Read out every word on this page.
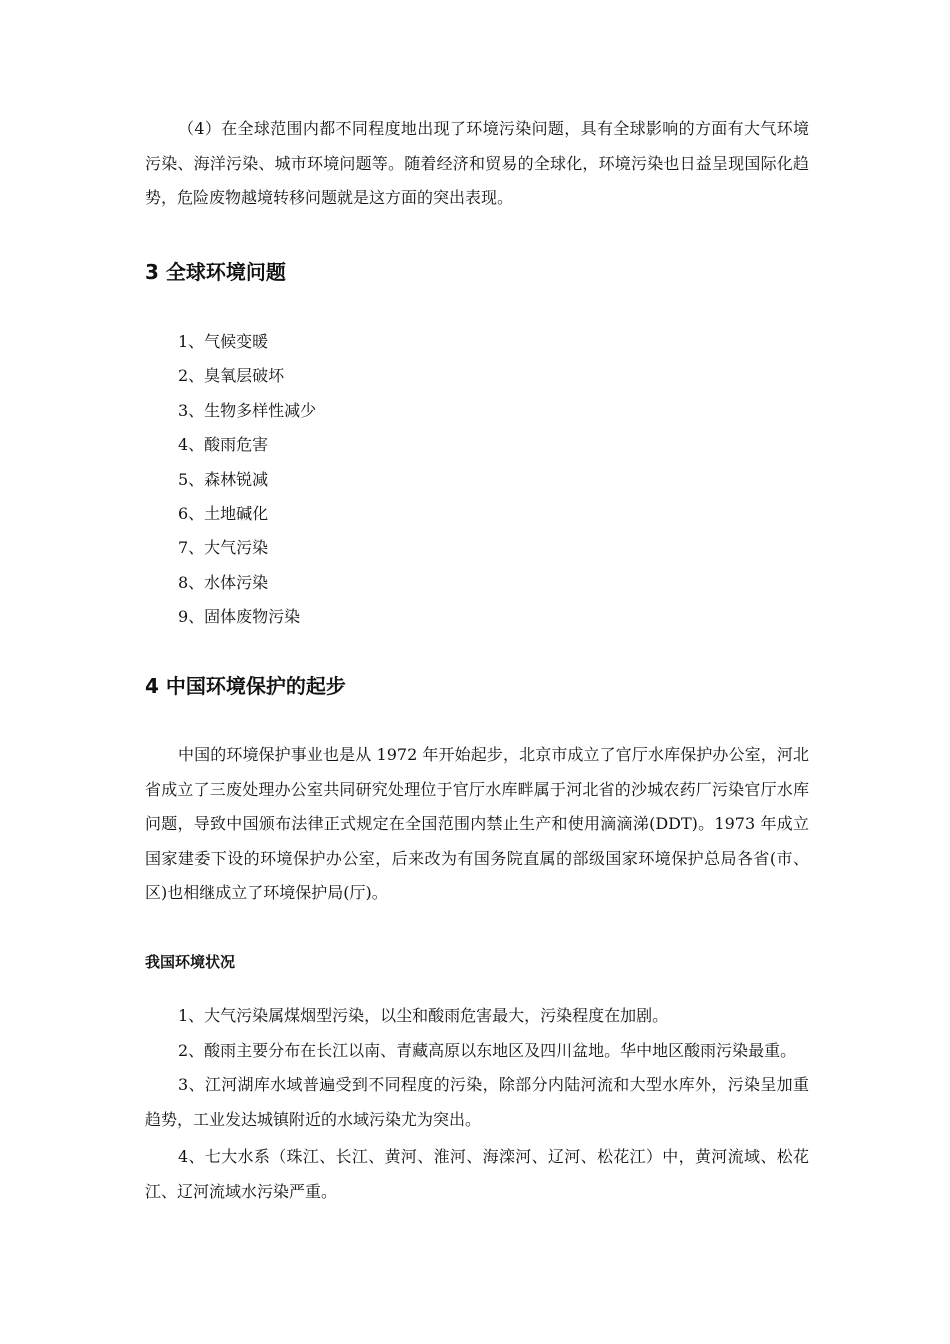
（4）在全球范围内都不同程度地出现了环境污染问题，具有全球影响的方面有大气环境污染、海洋污染、城市环境问题等。随着经济和贸易的全球化，环境污染也日益呈现国际化趋势，危险废物越境转移问题就是这方面的突出表现。

3 全球环境问题
1、气候变暖
2、臭氧层破坏
3、生物多样性减少
4、酸雨危害
5、森林锐减
6、土地碱化
7、大气污染
8、水体污染
9、固体废物污染
4 中国环境保护的起步

中国的环境保护事业也是从 1972 年开始起步，北京市成立了官厅水库保护办公室，河北省成立了三废处理办公室共同研究处理位于官厅水库畔属于河北省的沙城农药厂污染官厅水库问题，导致中国颁布法律正式规定在全国范围内禁止生产和使用滴滴涕(DDT)。1973 年成立国家建委下设的环境保护办公室，后来改为有国务院直属的部级国家环境保护总局各省(市、区)也相继成立了环境保护局(厅)。

我国环境状况

1、大气污染属煤烟型污染，以尘和酸雨危害最大，污染程度在加剧。

2、酸雨主要分布在长江以南、青藏高原以东地区及四川盆地。华中地区酸雨污染最重。

3、江河湖库水域普遍受到不同程度的污染，除部分内陆河流和大型水库外，污染呈加重趋势，工业发达城镇附近的水域污染尤为突出。

4、七大水系（珠江、长江、黄河、淮河、海滦河、辽河、松花江）中，黄河流域、松花江、辽河流域水污染严重。
